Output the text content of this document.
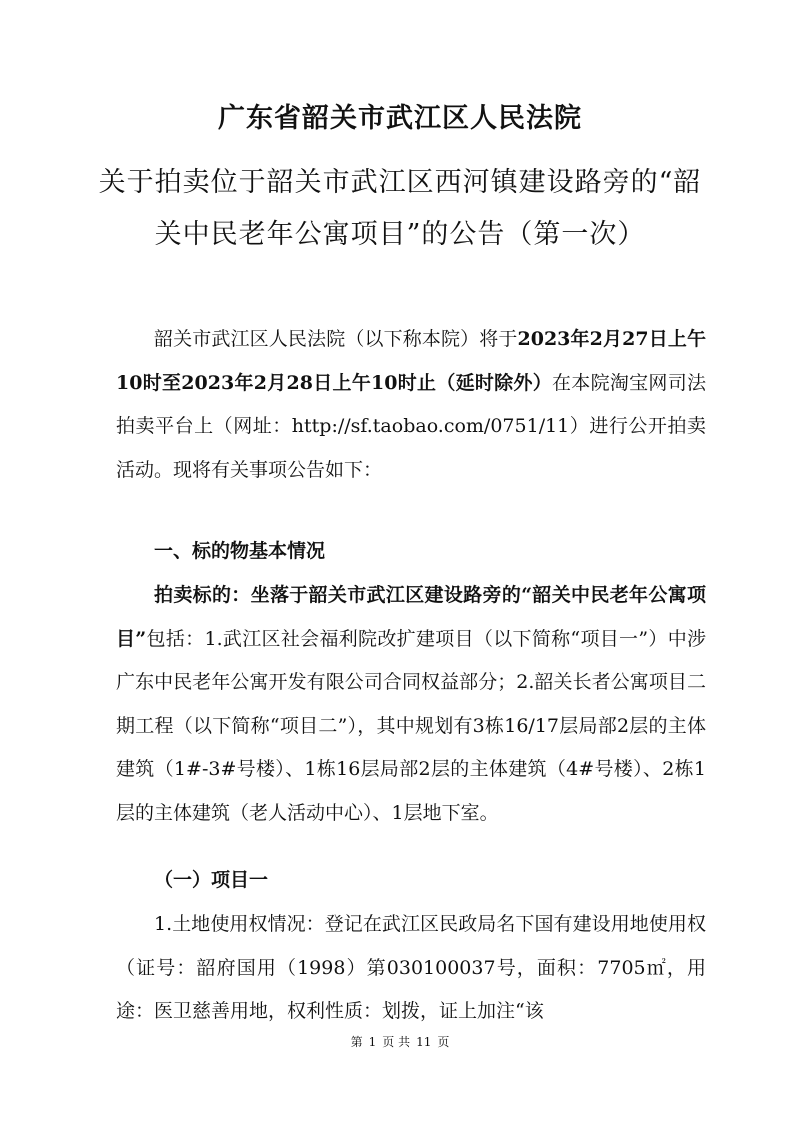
广东省韶关市武江区人民法院
关于拍卖位于韶关市武江区西河镇建设路旁的“韶
关中民老年公寓项目”的公告（第一次）
韶关市武江区人民法院（以下称本院）将于2023年2月27日上午10时至2023年2月28日上午10时止（延时除外）在本院淘宝网司法拍卖平台上（网址：http://sf.taobao.com/0751/11）进行公开拍卖活动。现将有关事项公告如下：
一、标的物基本情况
拍卖标的：坐落于韶关市武江区建设路旁的“韶关中民老年公寓项目”包括：1.武江区社会福利院改扩建项目（以下简称“项目一”）中涉广东中民老年公寓开发有限公司合同权益部分；2.韶关长者公寓项目二期工程（以下简称“项目二”），其中规划有3栋16/17层局部2层的主体建筑（1#-3#号楼）、1栋16层局部2层的主体建筑（4#号楼）、2栋1层的主体建筑（老人活动中心）、1层地下室。
（一）项目一
1.土地使用权情况：登记在武江区民政局名下国有建设用地使用权（证号：韶府国用（1998）第030100037号，面积：7705㎡，用途：医卫慈善用地，权利性质：划拨，证上加注“该
第 1 页 共 11 页
